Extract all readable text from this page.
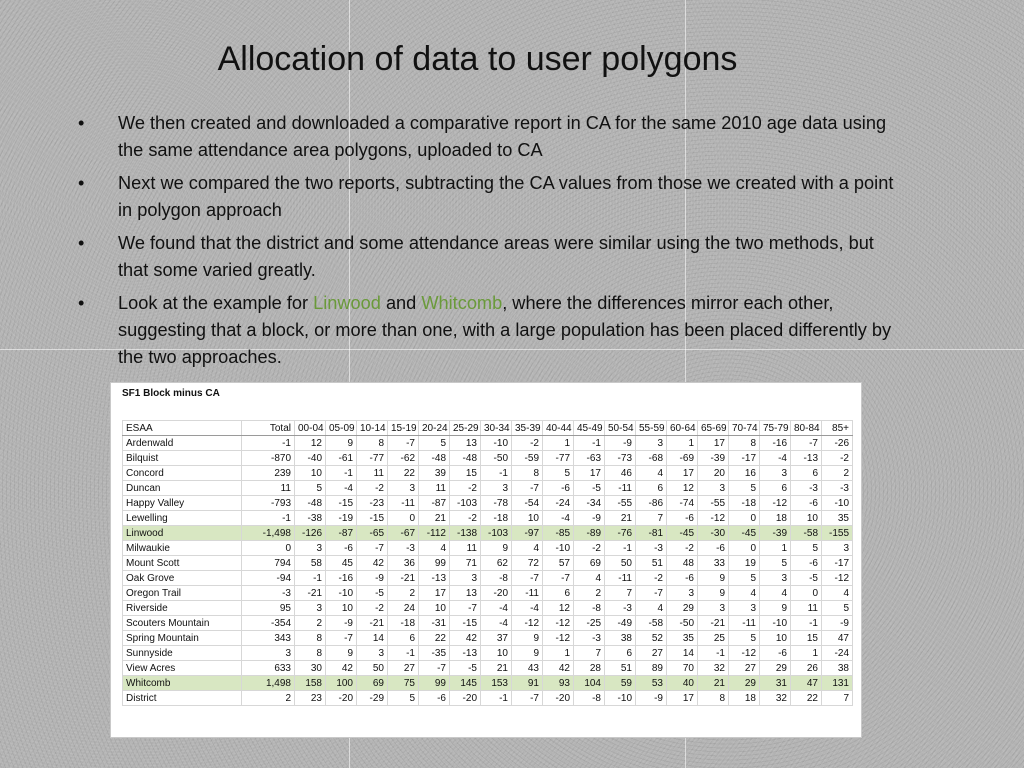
Allocation of data to user polygons
• We then created and downloaded a comparative report in CA for the same 2010 age data using the same attendance area polygons, uploaded to CA
• Next we compared the two reports, subtracting the CA values from those we created with a point in polygon approach
• We found that the district and some attendance areas were similar using the two methods, but that some varied greatly.
• Look at the example for Linwood and Whitcomb, where the differences mirror each other, suggesting that a block, or more than one, with a large population has been placed differently by the two approaches.
SF1 Block minus CA
ESAA	Total	00-04	05-09	10-14	15-19	20-24	25-29	30-34	35-39	40-44	45-49	50-54	55-59	60-64	65-69	70-74	75-79	80-84	85+
Ardenwald	-1	12	9	8	-7	5	13	-10	-2	1	-1	-9	3	1	17	8	-16	-7	-26
Bilquist	-870	-40	-61	-77	-62	-48	-48	-50	-59	-77	-63	-73	-68	-69	-39	-17	-4	-13	-2
Concord	239	10	-1	11	22	39	15	-1	8	5	17	46	4	17	20	16	3	6	2
Duncan	11	5	-4	-2	3	11	-2	3	-7	-6	-5	-11	6	12	3	5	6	-3	-3
Happy Valley	-793	-48	-15	-23	-11	-87	-103	-78	-54	-24	-34	-55	-86	-74	-55	-18	-12	-6	-10
Lewelling	-1	-38	-19	-15	0	21	-2	-18	10	-4	-9	21	7	-6	-12	0	18	10	35
Linwood	-1,498	-126	-87	-65	-67	-112	-138	-103	-97	-85	-89	-76	-81	-45	-30	-45	-39	-58	-155
Milwaukie	0	3	-6	-7	-3	4	11	9	4	-10	-2	-1	-3	-2	-6	0	1	5	3
Mount Scott	794	58	45	42	36	99	71	62	72	57	69	50	51	48	33	19	5	-6	-17
Oak Grove	-94	-1	-16	-9	-21	-13	3	-8	-7	-7	4	-11	-2	-6	9	5	3	-5	-12
Oregon Trail	-3	-21	-10	-5	2	17	13	-20	-11	6	2	7	-7	3	9	4	4	0	4
Riverside	95	3	10	-2	24	10	-7	-4	-4	12	-8	-3	4	29	3	3	9	11	5
Scouters Mountain	-354	2	-9	-21	-18	-31	-15	-4	-12	-12	-25	-49	-58	-50	-21	-11	-10	-1	-9
Spring Mountain	343	8	-7	14	6	22	42	37	9	-12	-3	38	52	35	25	5	10	15	47
Sunnyside	3	8	9	3	-1	-35	-13	10	9	1	7	6	27	14	-1	-12	-6	1	-24
View Acres	633	30	42	50	27	-7	-5	21	43	42	28	51	89	70	32	27	29	26	38
Whitcomb	1,498	158	100	69	75	99	145	153	91	93	104	59	53	40	21	29	31	47	131
District	2	23	-20	-29	5	-6	-20	-1	-7	-20	-8	-10	-9	17	8	18	32	22	7
